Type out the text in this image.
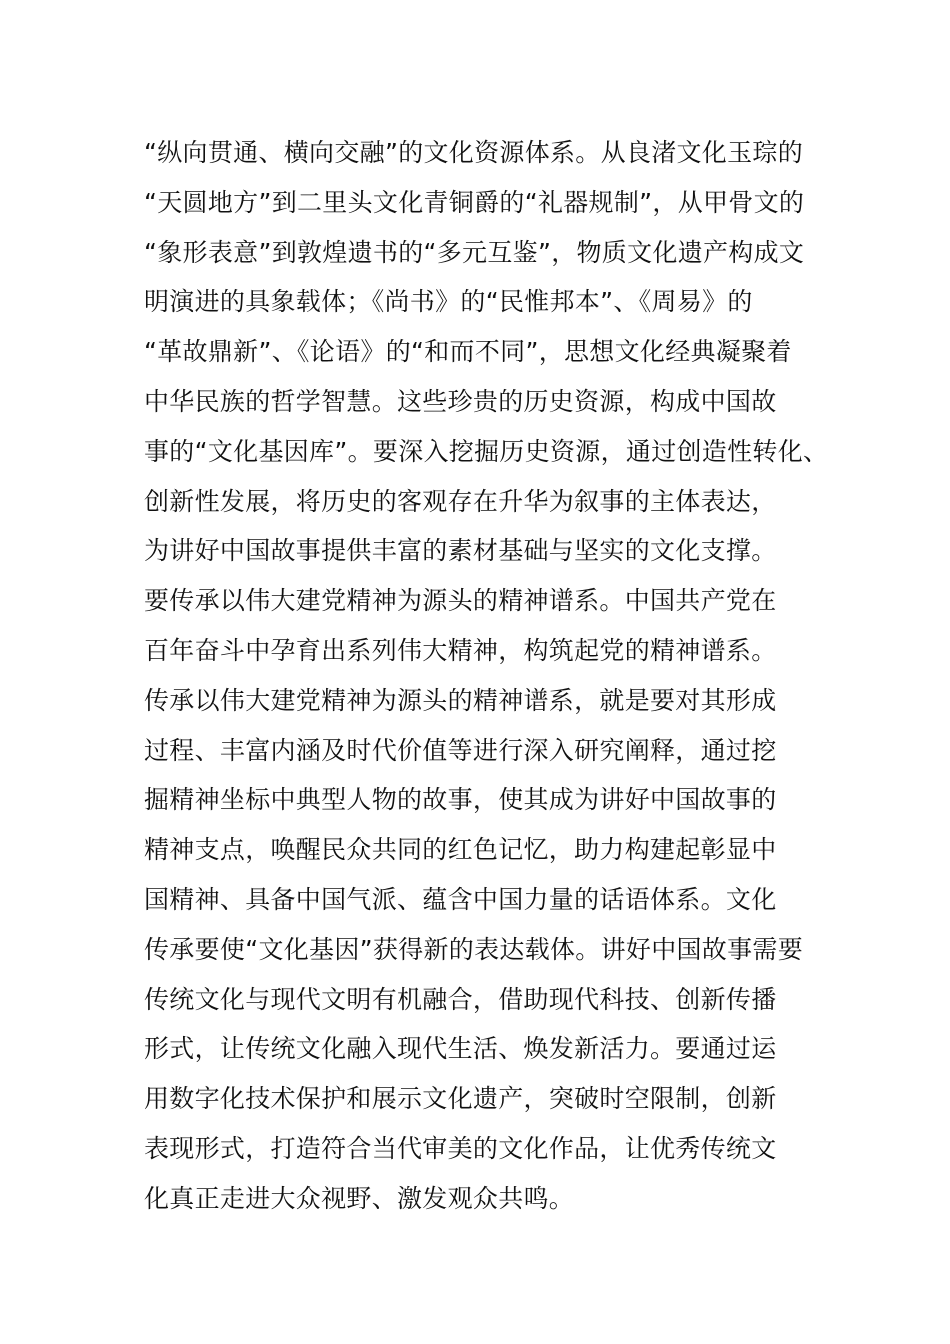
“纵向贯通、横向交融”的文化资源体系。从良渚文化玉琮的
“天圆地方”到二里头文化青铜爵的“礼器规制”，从甲骨文的
“象形表意”到敦煌遗书的“多元互鉴”，物质文化遗产构成文
明演进的具象载体；《尚书》的“民惟邦本”、《周易》的
“革故鼎新”、《论语》的“和而不同”，思想文化经典凝聚着
中华民族的哲学智慧。这些珍贵的历史资源，构成中国故
事的“文化基因库”。要深入挖掘历史资源，通过创造性转化、
创新性发展，将历史的客观存在升华为叙事的主体表达，
为讲好中国故事提供丰富的素材基础与坚实的文化支撑。
要传承以伟大建党精神为源头的精神谱系。中国共产党在
百年奋斗中孕育出系列伟大精神，构筑起党的精神谱系。
传承以伟大建党精神为源头的精神谱系，就是要对其形成
过程、丰富内涵及时代价值等进行深入研究阐释，通过挖
掘精神坐标中典型人物的故事，使其成为讲好中国故事的
精神支点，唤醒民众共同的红色记忆，助力构建起彰显中
国精神、具备中国气派、蕴含中国力量的话语体系。文化
传承要使“文化基因”获得新的表达载体。讲好中国故事需要
传统文化与现代文明有机融合，借助现代科技、创新传播
形式，让传统文化融入现代生活、焕发新活力。要通过运
用数字化技术保护和展示文化遗产，突破时空限制，创新
表现形式，打造符合当代审美的文化作品，让优秀传统文
化真正走进大众视野、激发观众共鸣。
